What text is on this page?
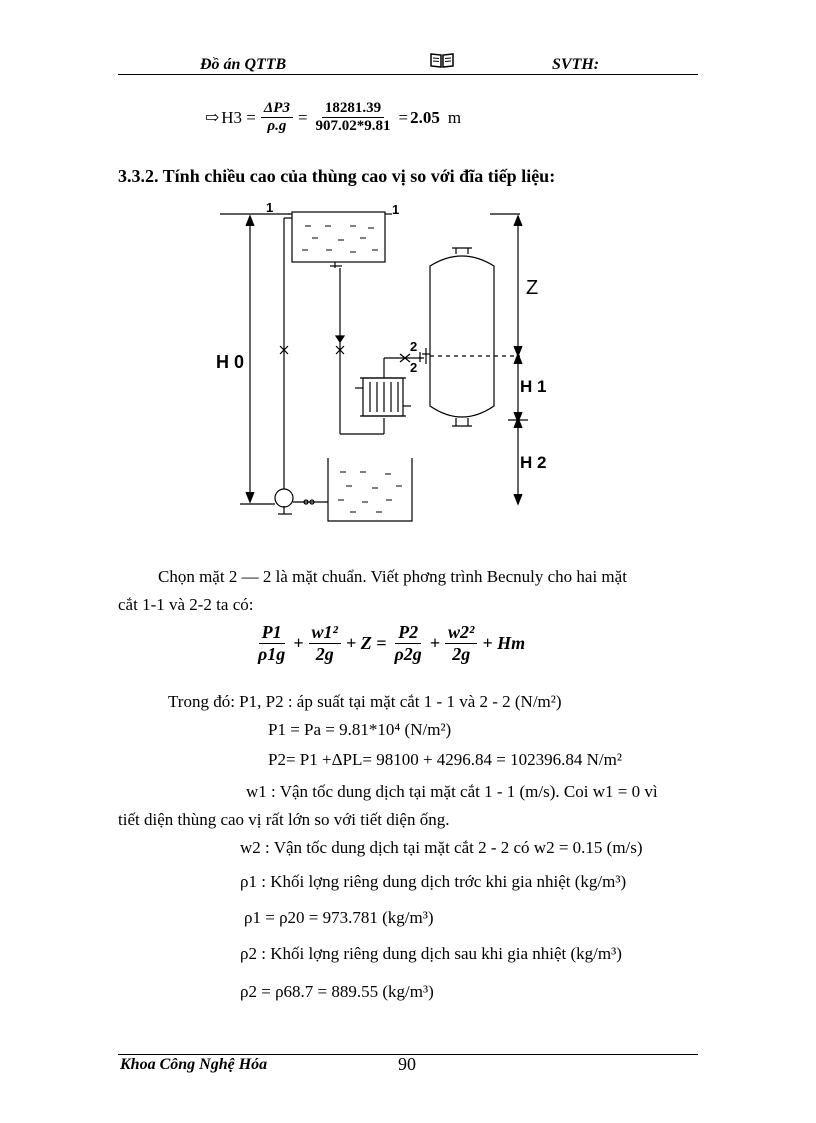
Đồ án QTTB	SVTH:
⇨ $H3 = \frac{\Delta P3}{\rho.g} = \frac{18281.39}{907.02*9.81} = 2.05$ m
3.3.2. Tính chiều cao của thùng cao vị so với đĩa tiếp liệu:
1	1
2
2
H 0
Z
H 1
H 2
Chọn mặt 2 — 2 là mặt chuẩn. Viết phơng trình Becnuly cho hai mặt
cắt 1-1 và 2-2 ta có:
$\frac{P1}{\rho 1g} + \frac{\text{w1²}}{2g} + Z = \frac{P2}{\rho 2g} + \frac{\text{w2²}}{2g} + Hm$
Trong đó: P1, P2 : áp suất tại mặt cắt 1 - 1 và 2 - 2 (N/m²)
P1 = Pa = 9.81*10⁴ (N/m²)
P2= P1 +ΔPL= 98100 + 4296.84 = 102396.84 N/m²
w1 : Vận tốc dung dịch tại mặt cắt 1 - 1 (m/s). Coi w1 = 0 vì
tiết diện thùng cao vị rất lớn so với tiết diện ống.
w2 : Vận tốc dung dịch tại mặt cắt 2 - 2 có w2 = 0.15 (m/s)
ρ1 : Khối lợng riêng dung dịch trớc khi gia nhiệt (kg/m³)
ρ1 = ρ20 = 973.781 (kg/m³)
ρ2 : Khối lợng riêng dung dịch sau khi gia nhiệt (kg/m³)
ρ2 = ρ68.7 = 889.55 (kg/m³)
Khoa Công Nghệ Hóa	90
